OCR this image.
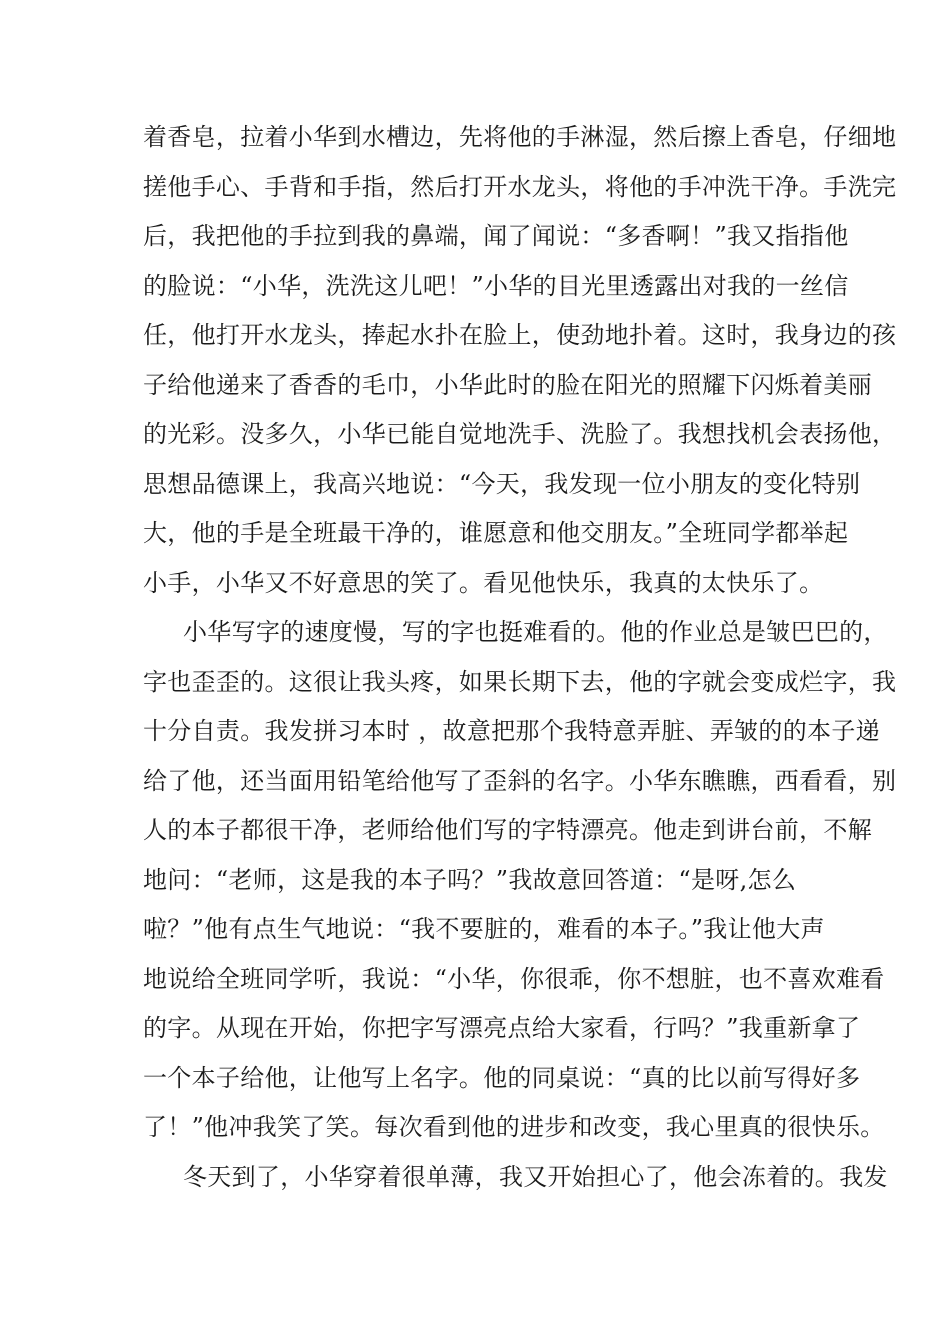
着香皂，拉着小华到水槽边，先将他的手淋湿，然后擦上香皂，仔细地
搓他手心、手背和手指，然后打开水龙头，将他的手冲洗干净。手洗完
后，我把他的手拉到我的鼻端，闻了闻说：“多香啊！”我又指指他
的脸说：“小华，洗洗这儿吧！”小华的目光里透露出对我的一丝信
任，他打开水龙头，捧起水扑在脸上，使劲地扑着。这时，我身边的孩
子给他递来了香香的毛巾，小华此时的脸在阳光的照耀下闪烁着美丽
的光彩。没多久，小华已能自觉地洗手、洗脸了。我想找机会表扬他，
思想品德课上，我高兴地说：“今天，我发现一位小朋友的变化特别
大，他的手是全班最干净的，谁愿意和他交朋友。”全班同学都举起
小手，小华又不好意思的笑了。看见他快乐，我真的太快乐了。
小华写字的速度慢，写的字也挺难看的。他的作业总是皱巴巴的，
字也歪歪的。这很让我头疼，如果长期下去，他的字就会变成烂字，我
十分自责。我发拼习本时 ，故意把那个我特意弄脏、弄皱的的本子递
给了他，还当面用铅笔给他写了歪斜的名字。小华东瞧瞧，西看看，别
人的本子都很干净，老师给他们写的字特漂亮。他走到讲台前，不解
地问：“老师，这是我的本子吗？”我故意回答道：“是呀,怎么
啦？”他有点生气地说：“我不要脏的，难看的本子。”我让他大声
地说给全班同学听，我说：“小华，你很乖，你不想脏，也不喜欢难看
的字。从现在开始，你把字写漂亮点给大家看，行吗？”我重新拿了
一个本子给他，让他写上名字。他的同桌说：“真的比以前写得好多
了！”他冲我笑了笑。每次看到他的进步和改变，我心里真的很快乐。
冬天到了，小华穿着很单薄，我又开始担心了，他会冻着的。我发
